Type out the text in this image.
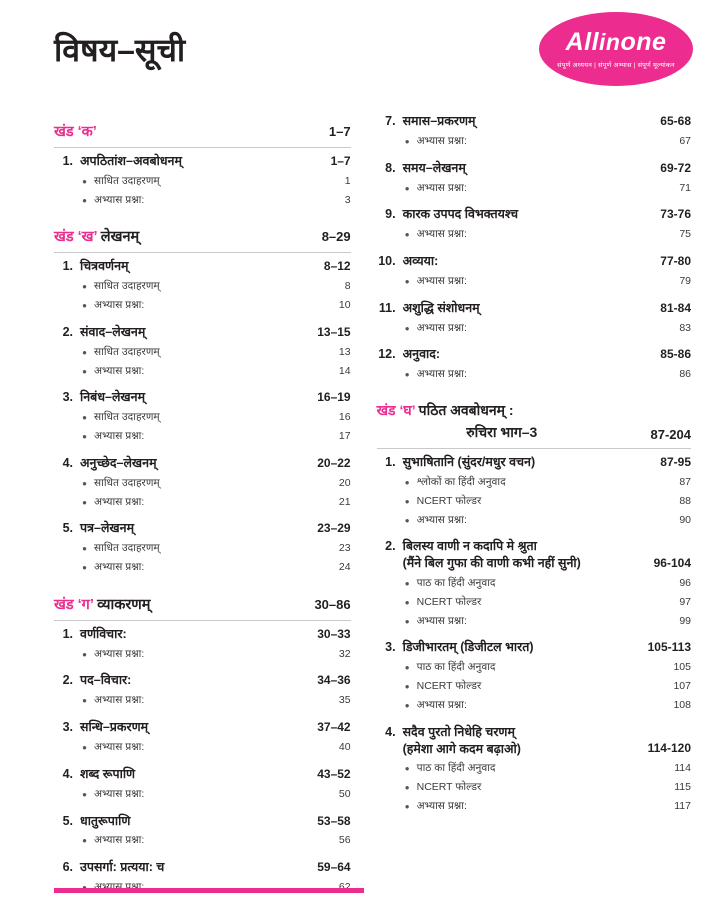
विषय–सूची	Allinone
संपूर्ण अध्ययन | संपूर्ण अभ्यास | संपूर्ण मूल्यांकन
खंड ‘क’	1–7
1. अपठितांश–अवबोधनम्	1–7
● साधित उदाहरणम्	1
● अभ्यास प्रश्ना:	3
खंड ‘ख’ लेखनम्	8–29
1. चित्रवर्णनम्	8–12
● साधित उदाहरणम्	8
● अभ्यास प्रश्ना:	10
2. संवाद–लेखनम्	13–15
● साधित उदाहरणम्	13
● अभ्यास प्रश्ना:	14
3. निबंध–लेखनम्	16–19
● साधित उदाहरणम्	16
● अभ्यास प्रश्ना:	17
4. अनुच्छेद–लेखनम्	20–22
● साधित उदाहरणम्	20
● अभ्यास प्रश्ना:	21
5. पत्र–लेखनम्	23–29
● साधित उदाहरणम्	23
● अभ्यास प्रश्ना:	24
खंड ‘ग’ व्याकरणम्	30–86
1. वर्णविचार:	30–33
● अभ्यास प्रश्ना:	32
2. पद–विचार:	34–36
● अभ्यास प्रश्ना:	35
3. सन्धि–प्रकरणम्	37–42
● अभ्यास प्रश्ना:	40
4. शब्द रूपाणि	43–52
● अभ्यास प्रश्ना:	50
5. धातुरूपाणि	53–58
● अभ्यास प्रश्ना:	56
6. उपसर्गा: प्रत्यया: च	59–64
7. समास–प्रकरणम्	65-68
● अभ्यास प्रश्ना:	67
8. समय–लेखनम्	69-72
● अभ्यास प्रश्ना:	71
9. कारक उपपद विभक्तयश्च	73-76
● अभ्यास प्रश्ना:	75
10. अव्यया:	77-80
● अभ्यास प्रश्ना:	79
11. अशुद्धि संशोधनम्	81-84
● अभ्यास प्रश्ना:	83
12. अनुवाद:	85-86
● अभ्यास प्रश्ना:	86
खंड ‘घ’ पठित अवबोधनम् :
रुचिरा भाग–3	87-204
1. सुभाषितानि (सुंदर/मधुर वचन)	87-95
● श्लोकों का हिंदी अनुवाद	87
● NCERT फोल्डर	88
● अभ्यास प्रश्ना:	90
2. बिलस्य वाणी न कदापि मे श्रुता
(मैंने बिल गुफा की वाणी कभी नहीं सुनी)	96-104
● पाठ का हिंदी अनुवाद	96
● NCERT फोल्डर	97
● अभ्यास प्रश्ना:	99
3. डिजीभारतम् (डिजीटल भारत)	105-113
● पाठ का हिंदी अनुवाद	105
● NCERT फोल्डर	107
● अभ्यास प्रश्ना:	108
4. सदैव पुरतो निधेहि चरणम्
(हमेशा आगे कदम बढ़ाओ)	114-120
● पाठ का हिंदी अनुवाद	114
● NCERT फोल्डर	115
● अभ्यास प्रश्ना:	117
